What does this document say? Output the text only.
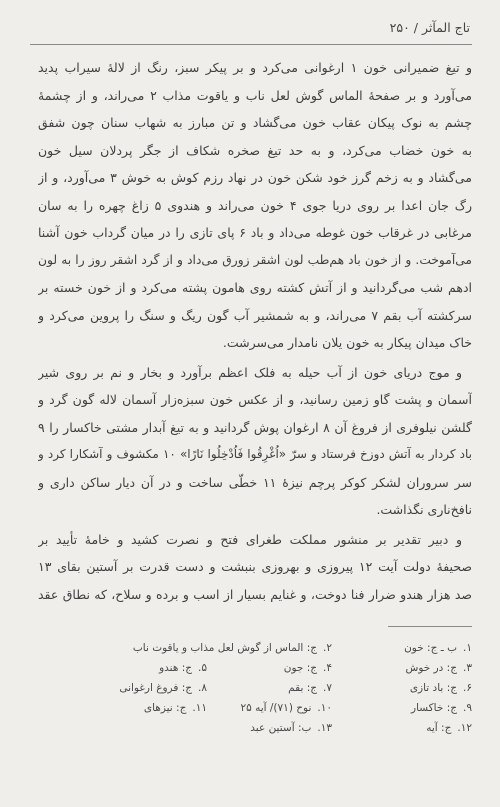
تاج المآثر / ۲۵۰
و تیغ ضمیرانی خون ۱ ارغوانی می‌کرد و بر پیکر سبز، رنگ از لالهٔ سیراب پدید
می‌آورد و بر صفحهٔ الماس گوش لعل ناب و یاقوت مذاب ۲ می‌راند، و از چشمهٔ
چشم به نوک پیکان عقاب خون می‌گشاد و تن مبارز به شهاب سنان چون شفق
به خون خضاب می‌کرد، و به حد تیغ صخره شکاف از جگر پردلان سیل خون
می‌گشاد و به زخم گرز خود شکن خون در نهاد رزم کوش به خوش ۳ می‌آورد، و از
رگ جان اعدا بر روی دریا جوی ۴ خون می‌راند و هندوی ۵ زاغ چهره را به سان
مرغابی در غرقاب خون غوطه می‌داد و باد ۶ پای تازی را در میان گرداب خون آشنا
می‌آموخت. و از خون باد هم‌طب لون اشقر زورق می‌داد و از گرد اشقر روز را به لون
ادهم شب می‌گردانید و از آتش کشته روی هامون پشته می‌کرد و از خون خسته بر
سرکشته آب بقم ۷ می‌راند، و به شمشیر آب گون ریگ و سنگ را پروین می‌کرد و
خاک میدان پیکار به خون یلان نامدار می‌سرشت.
و موج دریای خون از آب حیله به فلک اعظم برآورد و بخار و نم بر روی شیر
آسمان و پشت گاو زمین رسانید، و از عکس خون سبزه‌زار آسمان لاله گون گرد و
گلشن نیلوفری از فروغ آن ۸ ارغوان پوش گردانید و به تیغ آبدار مشتی خاکسار را ۹
باد کردار به آتش دوزخ فرستاد و سرّ «اُغْرِقُوا فَاُدْخِلُوا نَارًا» ۱۰ مکشوف و آشکارا کرد و
سر سروران لشکر کوکر پرچم نیزهٔ ۱۱ خطّی ساخت و در آن دیار ساکن داری و
نافخ‌ناری نگذاشت.
و دبیر تقدیر بر منشور مملکت طغرای فتح و نصرت کشید و خامهٔ تأیید بر
صحیفهٔ دولت آیت ۱۲ پیروزی و بهروزی بنبشت و دست قدرت بر آستین بقای ۱۳
صد هزار هندو ضرار فنا دوخت، و غنایم بسیار از اسب و برده و سلاح، که نطاق عقد
۱.ب ـ ج: خون
۲.ج: الماس از گوش لعل مذاب و یاقوت ناب
۳.ج: در خوش
۴.ج: جون
۵.ج: هندو
۶.ج: باد تازی
۷.ج: بقم
۸.ج: فروغ ارغوانی
۹.ج: خاکسار
۱۰.نوح (۷۱)/ آیه ۲۵
۱۱.ج: نیزهای
۱۲.ج: آیه
۱۳.ب: آستین عبد
